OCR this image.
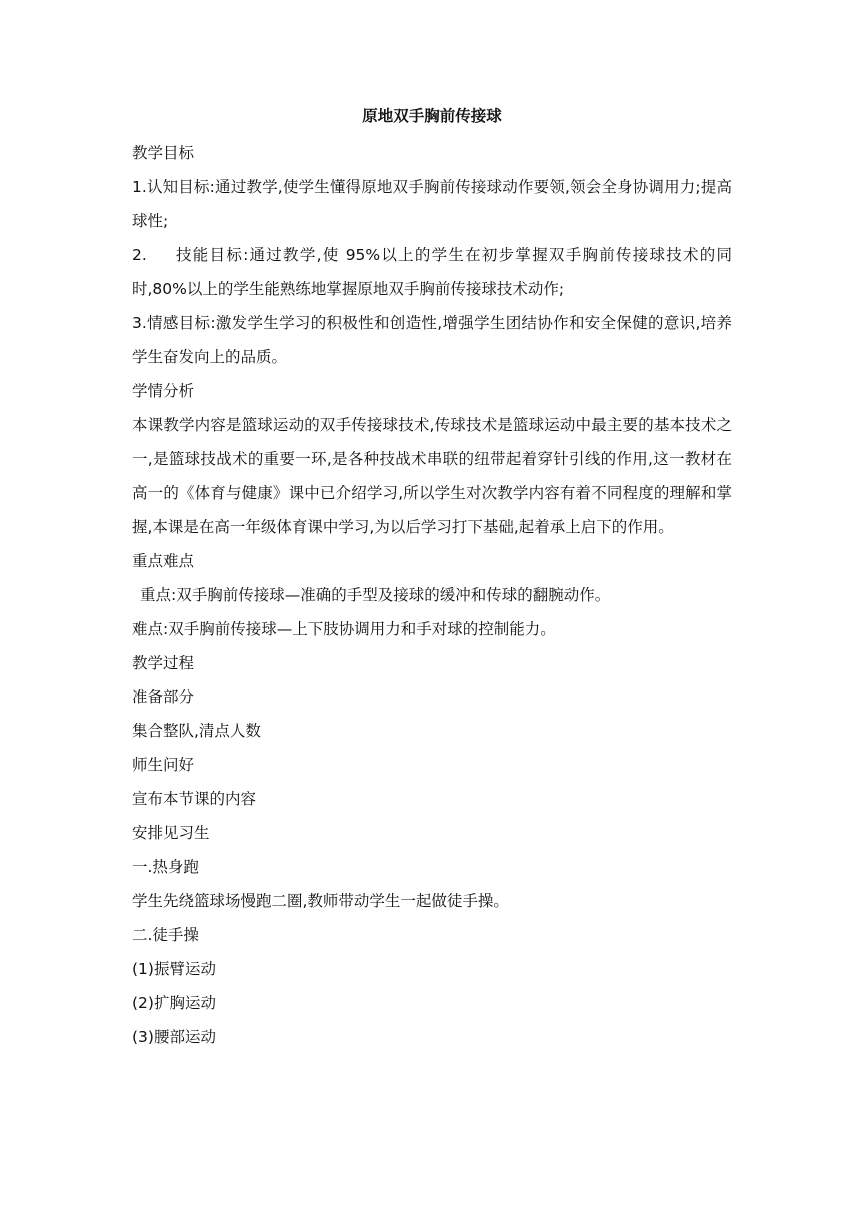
原地双手胸前传接球

教学目标

1.认知目标:通过教学,使学生懂得原地双手胸前传接球动作要领,领会全身协调用力;提高球性;

2. 技能目标:通过教学,使 95%以上的学生在初步掌握双手胸前传接球技术的同时,80%以上的学生能熟练地掌握原地双手胸前传接球技术动作;

3.情感目标:激发学生学习的积极性和创造性,增强学生团结协作和安全保健的意识,培养学生奋发向上的品质。

学情分析

本课教学内容是篮球运动的双手传接球技术,传球技术是篮球运动中最主要的基本技术之一,是篮球技战术的重要一环,是各种技战术串联的纽带起着穿针引线的作用,这一教材在高一的《体育与健康》课中已介绍学习,所以学生对次教学内容有着不同程度的理解和掌握,本课是在高一年级体育课中学习,为以后学习打下基础,起着承上启下的作用。

重点难点

重点:双手胸前传接球—准确的手型及接球的缓冲和传球的翻腕动作。

难点:双手胸前传接球—上下肢协调用力和手对球的控制能力。

教学过程

准备部分

集合整队,清点人数

师生问好

宣布本节课的内容

安排见习生

一.热身跑

学生先绕篮球场慢跑二圈,教师带动学生一起做徒手操。

二.徒手操

(1)振臂运动

(2)扩胸运动

(3)腰部运动
